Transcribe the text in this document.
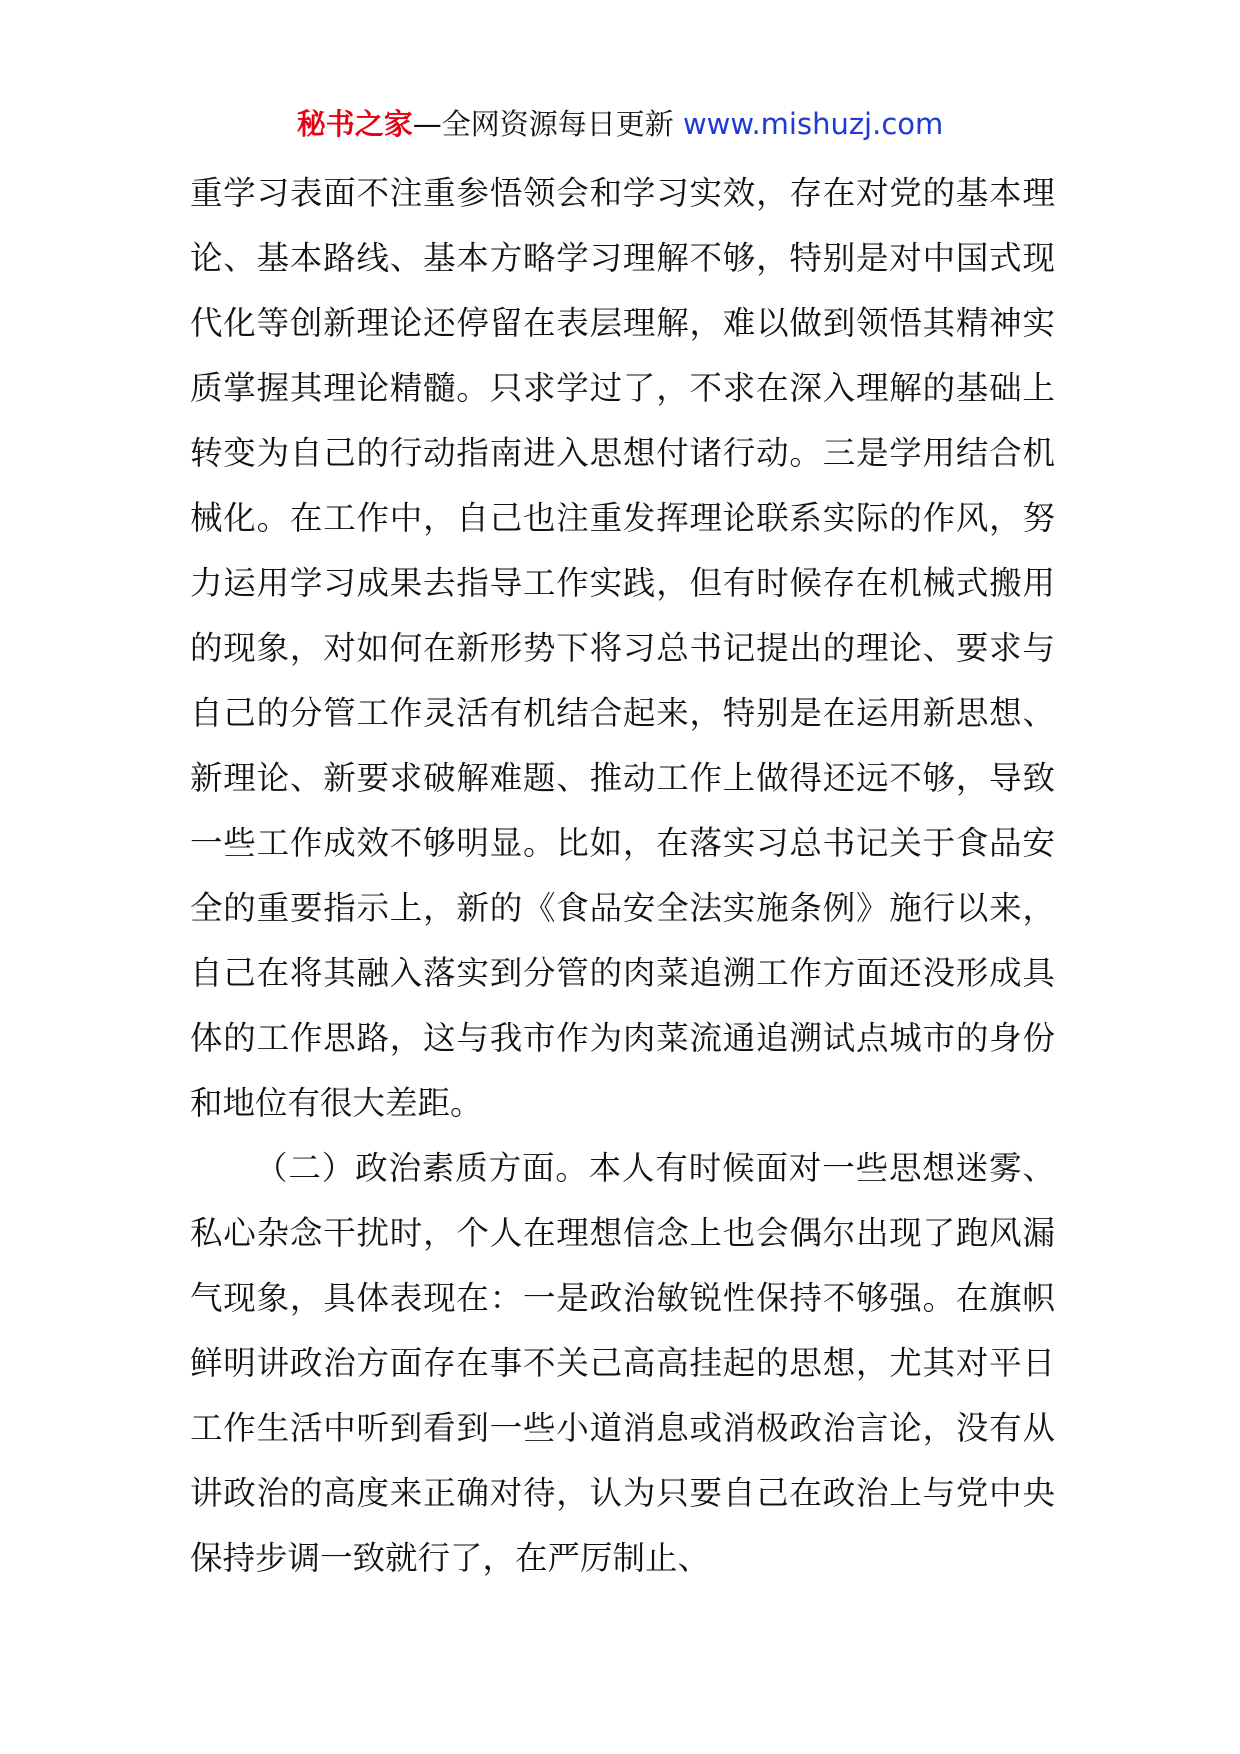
秘书之家—全网资源每日更新 www.mishuzj.com

重学习表面不注重参悟领会和学习实效，存在对党的基本理论、基本路线、基本方略学习理解不够，特别是对中国式现代化等创新理论还停留在表层理解，难以做到领悟其精神实质掌握其理论精髓。只求学过了，不求在深入理解的基础上转变为自己的行动指南进入思想付诸行动。三是学用结合机械化。在工作中，自己也注重发挥理论联系实际的作风，努力运用学习成果去指导工作实践，但有时候存在机械式搬用的现象，对如何在新形势下将习总书记提出的理论、要求与自己的分管工作灵活有机结合起来，特别是在运用新思想、新理论、新要求破解难题、推动工作上做得还远不够，导致一些工作成效不够明显。比如，在落实习总书记关于食品安全的重要指示上，新的《食品安全法实施条例》施行以来，自己在将其融入落实到分管的肉菜追溯工作方面还没形成具体的工作思路，这与我市作为肉菜流通追溯试点城市的身份和地位有很大差距。

（二）政治素质方面。本人有时候面对一些思想迷雾、私心杂念干扰时，个人在理想信念上也会偶尔出现了跑风漏气现象，具体表现在：一是政治敏锐性保持不够强。在旗帜鲜明讲政治方面存在事不关己高高挂起的思想，尤其对平日工作生活中听到看到一些小道消息或消极政治言论，没有从讲政治的高度来正确对待，认为只要自己在政治上与党中央保持步调一致就行了，在严厉制止、
